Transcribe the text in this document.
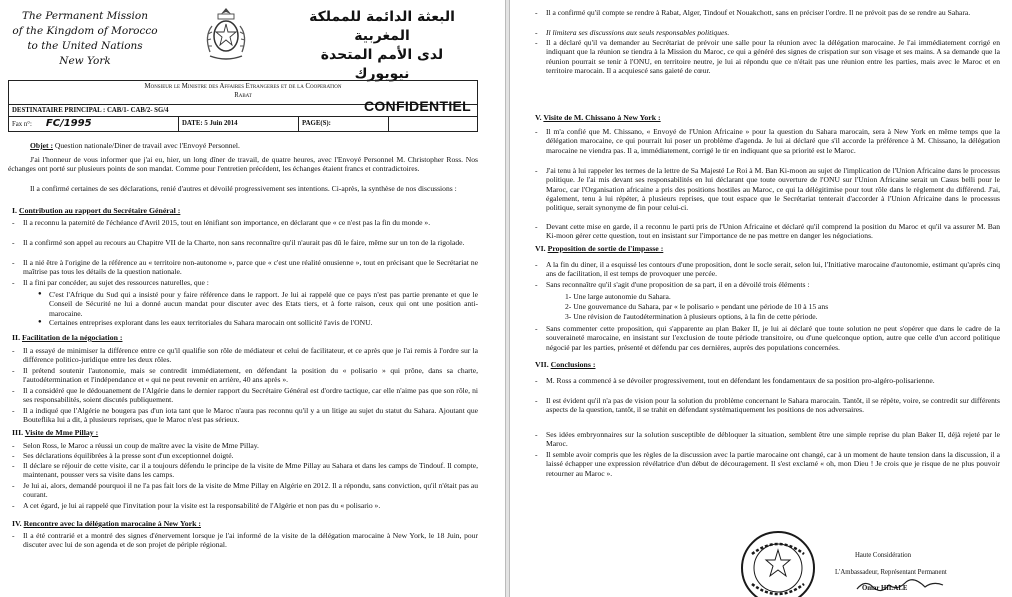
The Permanent Mission
of the Kingdom of Morocco
to the United Nations
New York
البعثة الدائمة للمملكة المغربية
لدى الأمم المتحدة
نيويورك
Monsieur le Ministre des Affaires Etrangeres et de la Cooperation
Rabat
DESTINATAIRE PRINCIPAL : CAB/1- CAB/2- SG/4	CONFIDENTIEL
Fax n°: FC/1995	DATE: 5 Juin 2014	PAGE(S):
Objet : Question nationale/Diner de travail avec l'Envoyé Personnel.
J'ai l'honneur de vous informer que j'ai eu, hier, un long dîner de travail, de quatre heures, avec l'Envoyé Personnel M. Christopher Ross. Nos échanges ont porté sur plusieurs points de son mandat. Comme pour l'entretien précédent, les échanges étaient francs et contradictoires.
Il a confirmé certaines de ses déclarations, renié d'autres et dévoilé progressivement ses intentions. Ci-après, la synthèse de nos discussions :
I. Contribution au rapport du Secrétaire Général :
- Il a reconnu la paternité de l'échéance d'Avril 2015, tout en lénifiant son importance, en déclarant que « ce n'est pas la fin du monde ».
- Il a confirmé son appel au recours au Chapitre VII de la Charte, non sans reconnaître qu'il n'aurait pas dû le faire, même sur un ton de la rigolade.
- Il a nié être à l'origine de la référence au « territoire non-autonome », parce que « c'est une réalité onusienne », tout en précisant que le Secrétariat ne maîtrise pas tous les détails de la question nationale.
- Il a fini par concéder, au sujet des ressources naturelles, que :
● C'est l'Afrique du Sud qui a insisté pour y faire référence dans le rapport. Je lui ai rappelé que ce pays n'est pas partie prenante et que le Conseil de Sécurité ne lui a donné aucun mandat pour discuter avec des Etats tiers, et à forte raison, ceux qui ont une position anti-marocaine.
● Certaines entreprises explorant dans les eaux territoriales du Sahara marocain ont sollicité l'avis de l'ONU.
II. Facilitation de la négociation :
- Il a essayé de minimiser la différence entre ce qu'il qualifie son rôle de médiateur et celui de facilitateur, et ce après que je l'ai remis à l'ordre sur la différence politico-juridique entre les deux rôles.
- Il prétend soutenir l'autonomie, mais se contredit immédiatement, en défendant la position du « polisario » qui prône, dans sa charte, l'autodétermination et l'indépendance et « qui ne peut revenir en arrière, 40 ans après ».
- Il a considéré que le dédouanement de l'Algérie dans le dernier rapport du Secrétaire Général est d'ordre tactique, car elle n'aime pas que son rôle, ni ses responsabilités, soient discutés publiquement.
- Il a indiqué que l'Algérie ne bougera pas d'un iota tant que le Maroc n'aura pas reconnu qu'il y a un litige au sujet du statut du Sahara. Ajoutant que Bouteflika lui a dit, à plusieurs reprises, que le Maroc n'est pas sérieux.
III. Visite de Mme Pillay :
- Selon Ross, le Maroc a réussi un coup de maître avec la visite de Mme Pillay.
- Ses déclarations équilibrées à la presse sont d'un exceptionnel doigté.
- Il déclare se réjouir de cette visite, car il a toujours défendu le principe de la visite de Mme Pillay au Sahara et dans les camps de Tindouf. Il compte, maintenant, pousser vers sa visite dans les camps.
- Je lui ai, alors, demandé pourquoi il ne l'a pas fait lors de la visite de Mme Pillay en Algérie en 2012. Il a répondu, sans conviction, qu'il n'était pas au courant.
- A cet égard, je lui ai rappelé que l'invitation pour la visite est la responsabilité de l'Algérie et non pas du « polisario ».
IV. Rencontre avec la délégation marocaine à New York :
- Il a été contrarié et a montré des signes d'énervement lorsque je l'ai informé de la visite de la délégation marocaine à New York, le 18 Juin, pour discuter avec lui de son agenda et de son projet de périple régional.
- Il a confirmé qu'il compte se rendre à Rabat, Alger, Tindouf et Nouakchott, sans en préciser l'ordre. Il ne prévoit pas de se rendre au Sahara.
- Il limitera ses discussions aux seuls responsables politiques.
- Il a déclaré qu'il va demander au Secrétariat de prévoir une salle pour la réunion avec la délégation marocaine. Je l'ai immédiatement corrigé en indiquant que la réunion se tiendra à la Mission du Maroc, ce qui a généré des signes de crispation sur son visage et ses mains. A sa demande que la réunion pourrait se tenir à l'ONU, en territoire neutre, je lui ai répondu que ce n'était pas une réunion entre les parties, mais avec le Maroc et en territoire marocain. Il a acquiescé sans gaieté de cœur.
V. Visite de M. Chissano à New York :
- Il m'a confié que M. Chissano, « Envoyé de l'Union Africaine » pour la question du Sahara marocain, sera à New York en même temps que la délégation marocaine, ce qui pourrait lui poser un problème d'agenda. Je lui ai déclaré que s'il accorde la préférence à M. Chissano, la délégation marocaine ne viendra pas. Il a, immédiatement, corrigé le tir en indiquant que sa priorité est le Maroc.
- J'ai tenu à lui rappeler les termes de la lettre de Sa Majesté Le Roi à M. Ban Ki-moon au sujet de l'implication de l'Union Africaine dans le processus politique. Je l'ai mis devant ses responsabilités en lui déclarant que toute ouverture de l'ONU sur l'Union Africaine serait un Casus belli pour le Maroc, car l'Organisation africaine a pris des positions hostiles au Maroc, ce qui la délégitimise pour tout rôle dans le règlement du différend. J'ai, également, tenu à lui répéter, à plusieurs reprises, que tout espace que le Secrétariat tenterait d'accorder à l'Union Africaine dans le processus politique, serait synonyme de fin pour celui-ci.
- Devant cette mise en garde, il a reconnu le parti pris de l'Union Africaine et déclaré qu'il comprend la position du Maroc et qu'il va assurer M. Ban Ki-moon gérer cette question, tout en insistant sur l'importance de ne pas mettre en danger les négociations.
VI. Proposition de sortie de l'impasse :
- A la fin du diner, il a esquissé les contours d'une proposition, dont le socle serait, selon lui, l'Initiative marocaine d'autonomie, estimant qu'après cinq ans de facilitation, il est temps de provoquer une percée.
- Sans reconnaître qu'il s'agit d'une proposition de sa part, il en a dévoilé trois éléments :
1- Une large autonomie du Sahara.
2- Une gouvernance du Sahara, par « le polisario » pendant une période de 10 à 15 ans
3- Une révision de l'autodétermination à plusieurs options, à la fin de cette période.
- Sans commenter cette proposition, qui s'apparente au plan Baker II, je lui ai déclaré que toute solution ne peut s'opérer que dans le cadre de la souveraineté marocaine, en insistant sur l'exclusion de toute période transitoire, ou d'une quelconque option, autre que celle d'un accord politique négocié par les parties, présenté et défendu par ces dernières, auprès des populations concernées.
VII. Conclusions :
- M. Ross a commencé à se dévoiler progressivement, tout en défendant les fondamentaux de sa position pro-algéro-polisarienne.
- Il est évident qu'il n'a pas de vision pour la solution du problème concernant le Sahara marocain. Tantôt, il se répète, voire, se contredit sur différents aspects de la question, tantôt, il se trahit en défendant systématiquement les positions de nos adversaires.
- Ses idées embryonnaires sur la solution susceptible de débloquer la situation, semblent être une simple reprise du plan Baker II, déjà rejeté par le Maroc.
- Il semble avoir compris que les règles de la discussion avec la partie marocaine ont changé, car à un moment de haute tension dans la discussion, il a laissé échapper une expression révélatrice d'un début de découragement. Il s'est exclamé « oh, mon Dieu ! Je crois que je risque de ne plus pouvoir retourner au Maroc ».
Haute Considération
L'Ambassadeur, Représentant Permanent
Omar HILALE
